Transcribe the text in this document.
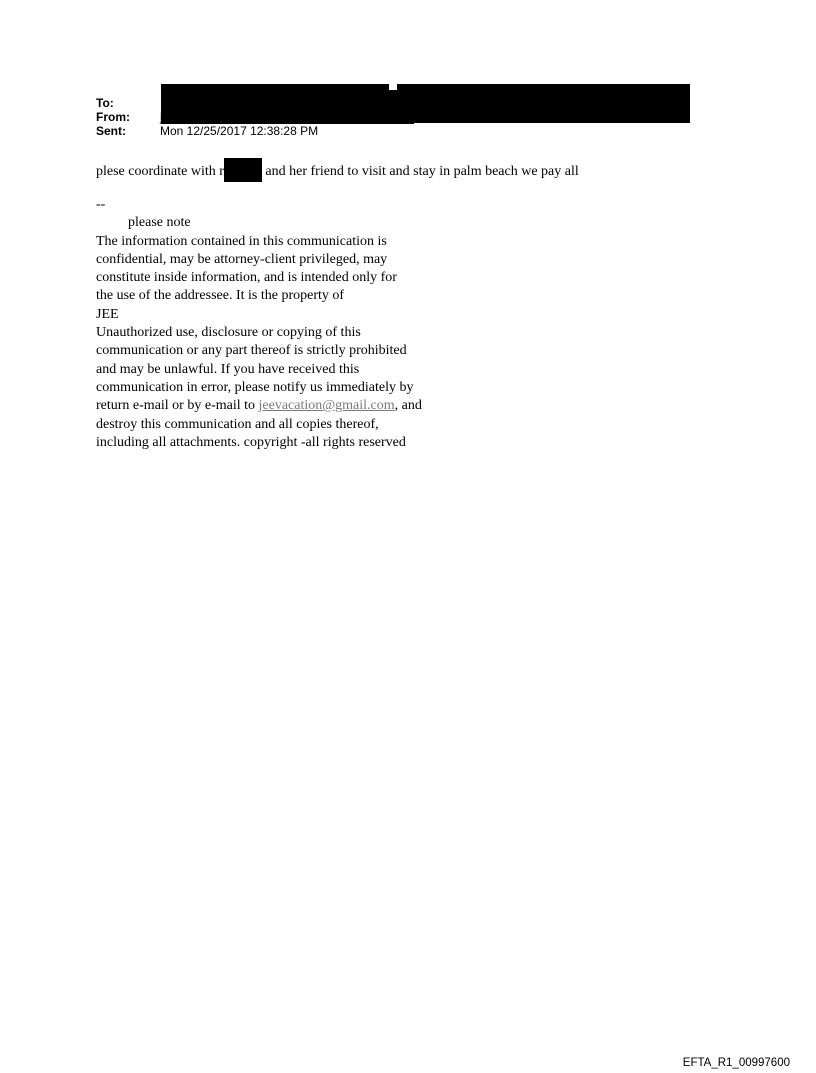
To:
From:	jeffrey E.
Sent:	Mon 12/25/2017 12:38:28 PM
plese coordinate with r	and her friend to visit and stay in palm beach we pay all
--
please note
The information contained in this communication is
confidential, may be attorney-client privileged, may
constitute inside information, and is intended only for
the use of the addressee. It is the property of
JEE
Unauthorized use, disclosure or copying of this
communication or any part thereof is strictly prohibited
and may be unlawful. If you have received this
communication in error, please notify us immediately by
return e-mail or by e-mail to jeevacation@gmail.com, and
destroy this communication and all copies thereof,
including all attachments. copyright -all rights reserved
EFTA_R1_00997600
